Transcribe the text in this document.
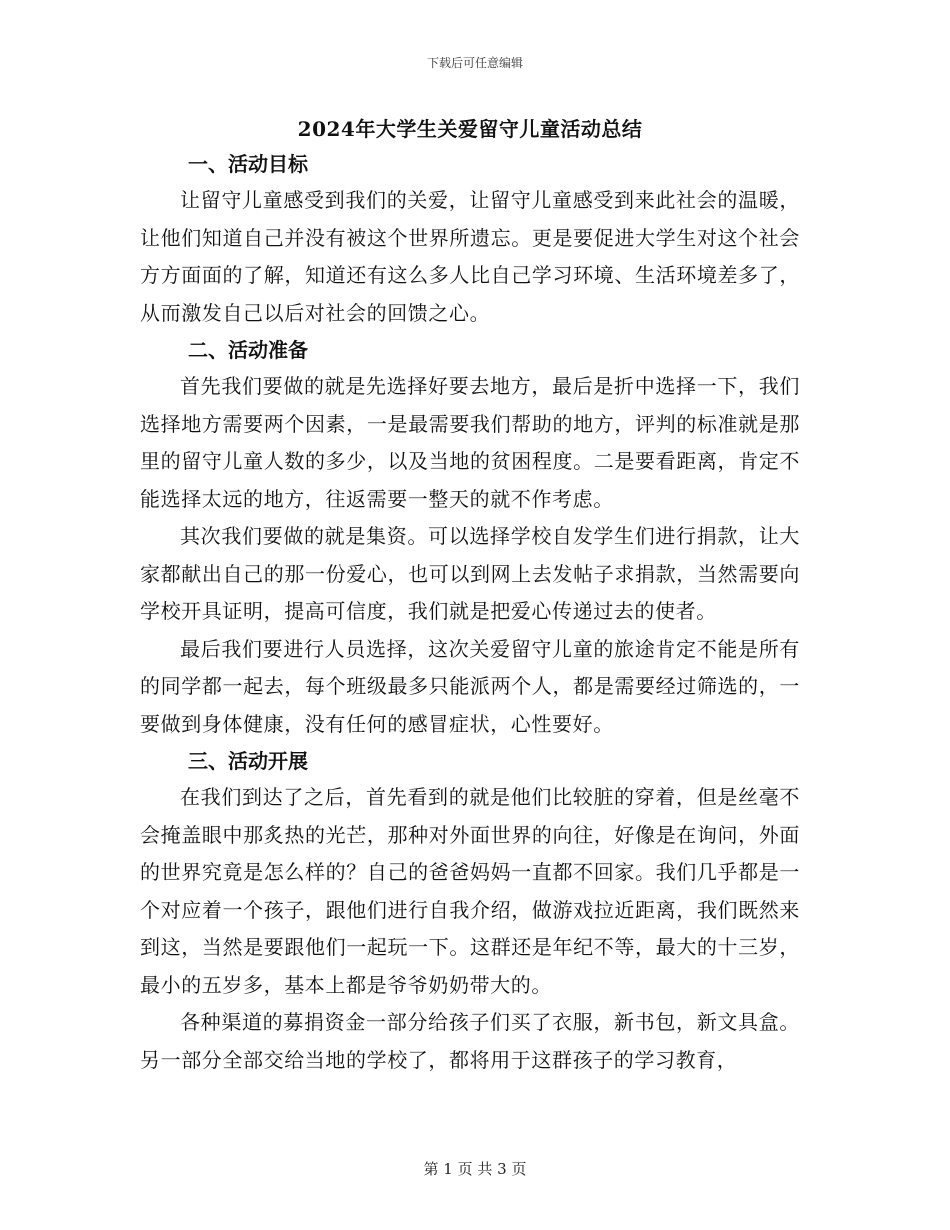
下载后可任意编辑
2024年大学生关爱留守儿童活动总结
一、活动目标

让留守儿童感受到我们的关爱，让留守儿童感受到来此社会的温暖，让他们知道自己并没有被这个世界所遗忘。更是要促进大学生对这个社会方方面面的了解，知道还有这么多人比自己学习环境、生活环境差多了，从而激发自己以后对社会的回馈之心。

二、活动准备

首先我们要做的就是先选择好要去地方，最后是折中选择一下，我们选择地方需要两个因素，一是最需要我们帮助的地方，评判的标准就是那里的留守儿童人数的多少，以及当地的贫困程度。二是要看距离，肯定不能选择太远的地方，往返需要一整天的就不作考虑。

其次我们要做的就是集资。可以选择学校自发学生们进行捐款，让大家都献出自己的那一份爱心，也可以到网上去发帖子求捐款，当然需要向学校开具证明，提高可信度，我们就是把爱心传递过去的使者。

最后我们要进行人员选择，这次关爱留守儿童的旅途肯定不能是所有的同学都一起去，每个班级最多只能派两个人，都是需要经过筛选的，一要做到身体健康，没有任何的感冒症状，心性要好。

三、活动开展

在我们到达了之后，首先看到的就是他们比较脏的穿着，但是丝毫不会掩盖眼中那炙热的光芒，那种对外面世界的向往，好像是在询问，外面的世界究竟是怎么样的？自己的爸爸妈妈一直都不回家。我们几乎都是一个对应着一个孩子，跟他们进行自我介绍，做游戏拉近距离，我们既然来到这，当然是要跟他们一起玩一下。这群还是年纪不等，最大的十三岁，最小的五岁多，基本上都是爷爷奶奶带大的。

各种渠道的募捐资金一部分给孩子们买了衣服，新书包，新文具盒。另一部分全部交给当地的学校了，都将用于这群孩子的学习教育，

第 1 页 共 3 页
